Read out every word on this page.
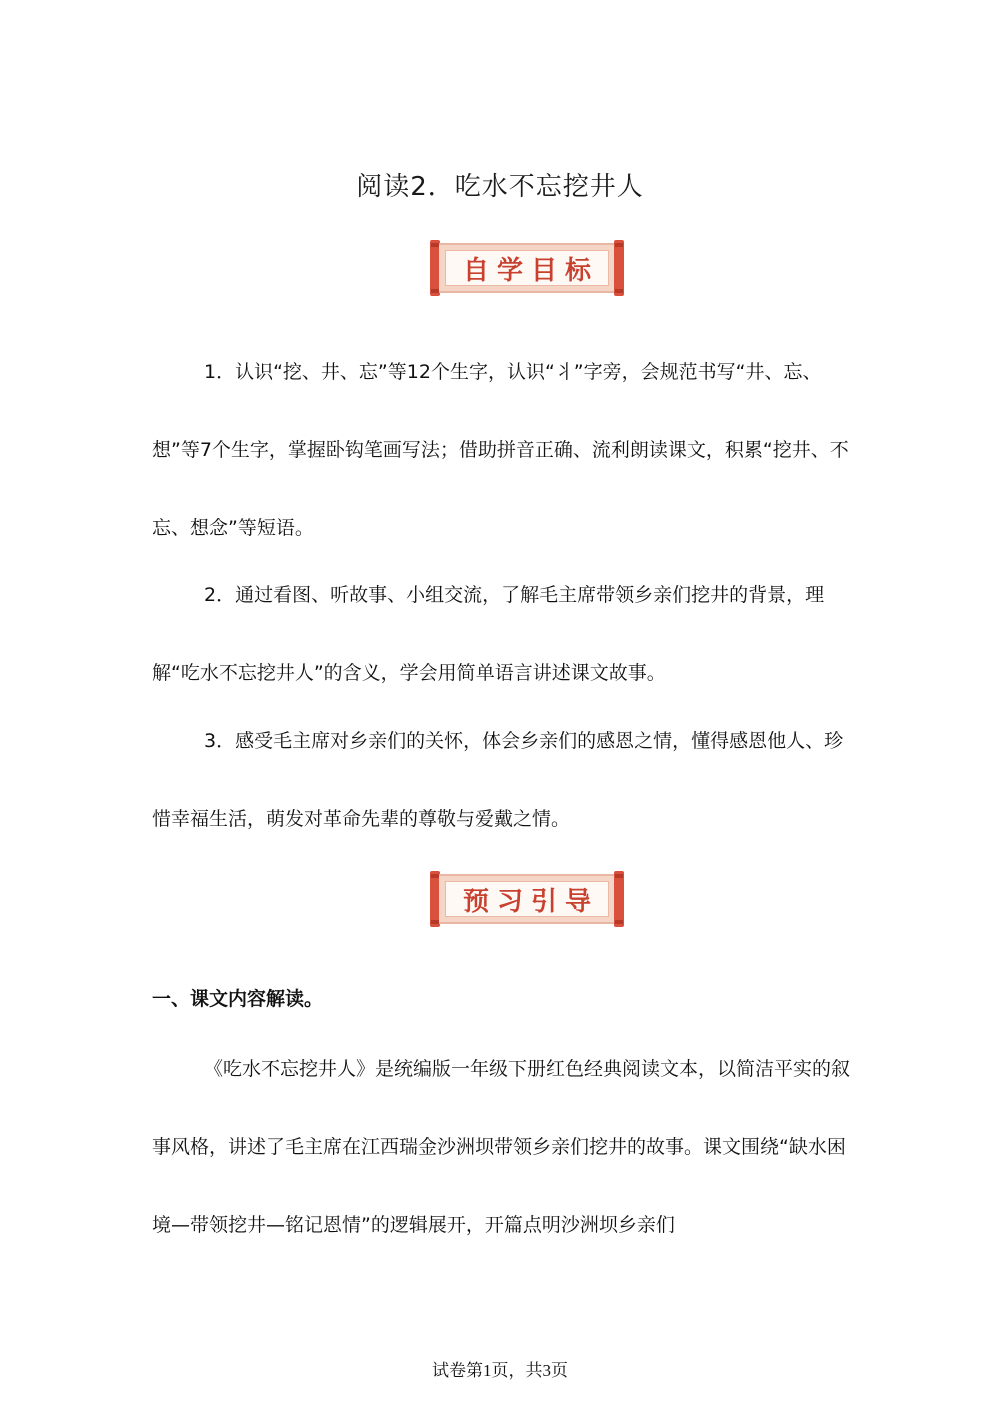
阅读2．吃水不忘挖井人
自学目标

1．认识“挖、井、忘”等12个生字，认识“丬”字旁，会规范书写“井、忘、想”等7个生字，掌握卧钩笔画写法；借助拼音正确、流利朗读课文，积累“挖井、不忘、想念”等短语。

2．通过看图、听故事、小组交流，了解毛主席带领乡亲们挖井的背景，理解“吃水不忘挖井人”的含义，学会用简单语言讲述课文故事。

3．感受毛主席对乡亲们的关怀，体会乡亲们的感恩之情，懂得感恩他人、珍惜幸福生活，萌发对革命先辈的尊敬与爱戴之情。

预习引导
一、课文内容解读。

《吃水不忘挖井人》是统编版一年级下册红色经典阅读文本，以简洁平实的叙事风格，讲述了毛主席在江西瑞金沙洲坝带领乡亲们挖井的故事。课文围绕“缺水困境—带领挖井—铭记恩情”的逻辑展开，开篇点明沙洲坝乡亲们

试卷第1页，共3页
